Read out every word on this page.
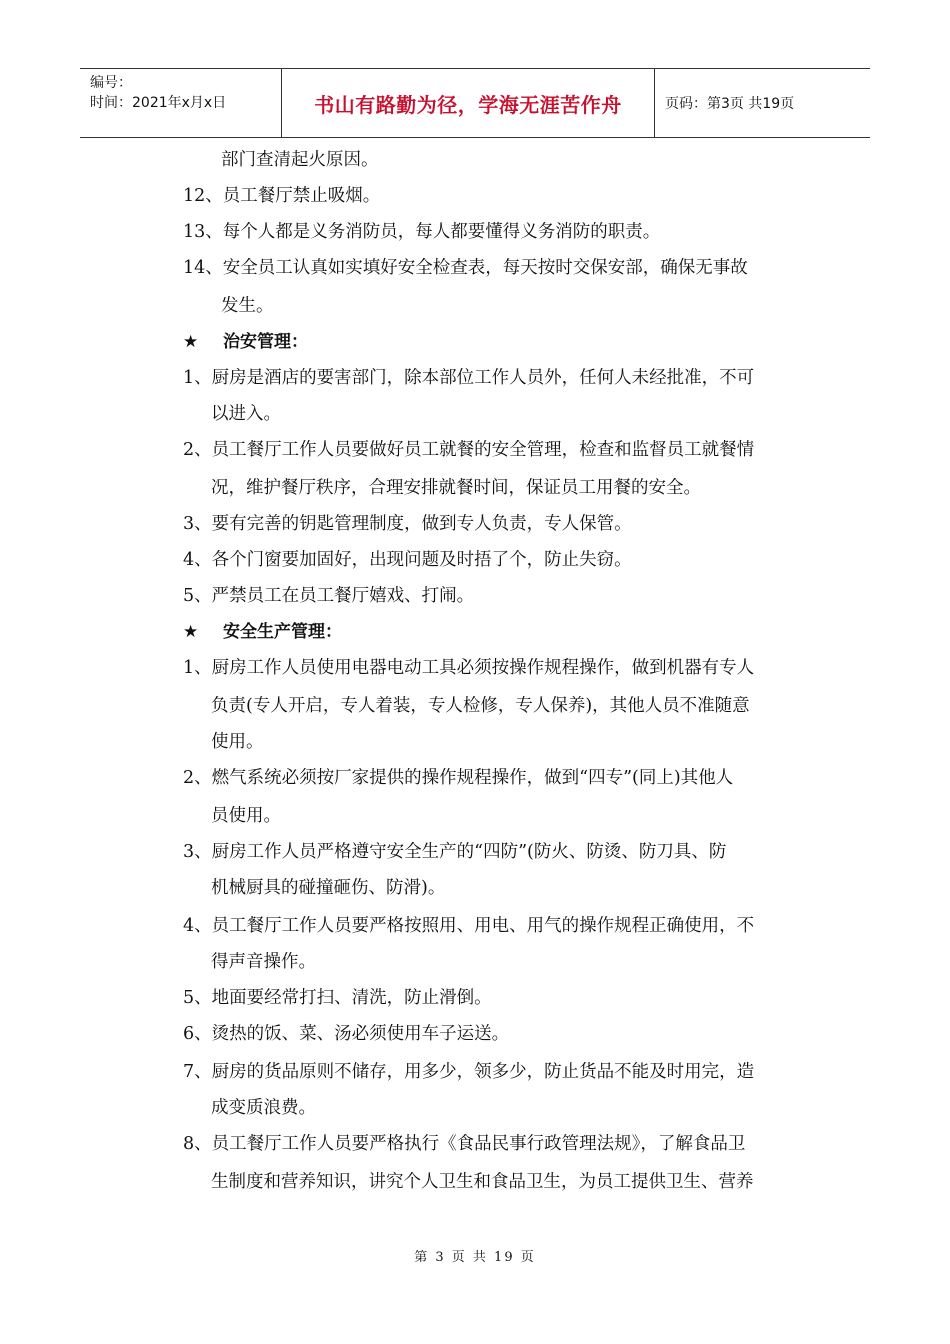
编号：
时间：2021年x月x日	书山有路勤为径，学海无涯苦作舟	页码：第3页 共19页
部门查清起火原因。
12、员工餐厅禁止吸烟。
13、每个人都是义务消防员，每人都要懂得义务消防的职责。
14、安全员工认真如实填好安全检查表，每天按时交保安部，确保无事故
发生。
★ 治安管理：
1、厨房是酒店的要害部门，除本部位工作人员外，任何人未经批准，不可
以进入。
2、员工餐厅工作人员要做好员工就餐的安全管理，检查和监督员工就餐情
况，维护餐厅秩序，合理安排就餐时间，保证员工用餐的安全。
3、要有完善的钥匙管理制度，做到专人负责，专人保管。
4、各个门窗要加固好，出现问题及时捂了个，防止失窃。
5、严禁员工在员工餐厅嬉戏、打闹。
★ 安全生产管理：
1、厨房工作人员使用电器电动工具必须按操作规程操作，做到机器有专人
负责(专人开启，专人着装，专人检修，专人保养)，其他人员不准随意
使用。
2、燃气系统必须按厂家提供的操作规程操作，做到“四专”(同上)其他人
员使用。
3、厨房工作人员严格遵守安全生产的“四防”(防火、防烫、防刀具、防
机械厨具的碰撞砸伤、防滑)。
4、员工餐厅工作人员要严格按照用、用电、用气的操作规程正确使用，不
得声音操作。
5、地面要经常打扫、清洗，防止滑倒。
6、烫热的饭、菜、汤必须使用车子运送。
7、厨房的货品原则不储存，用多少，领多少，防止货品不能及时用完，造
成变质浪费。
8、员工餐厅工作人员要严格执行《食品民事行政管理法规》，了解食品卫
生制度和营养知识，讲究个人卫生和食品卫生，为员工提供卫生、营养
第 3 页 共 19 页
